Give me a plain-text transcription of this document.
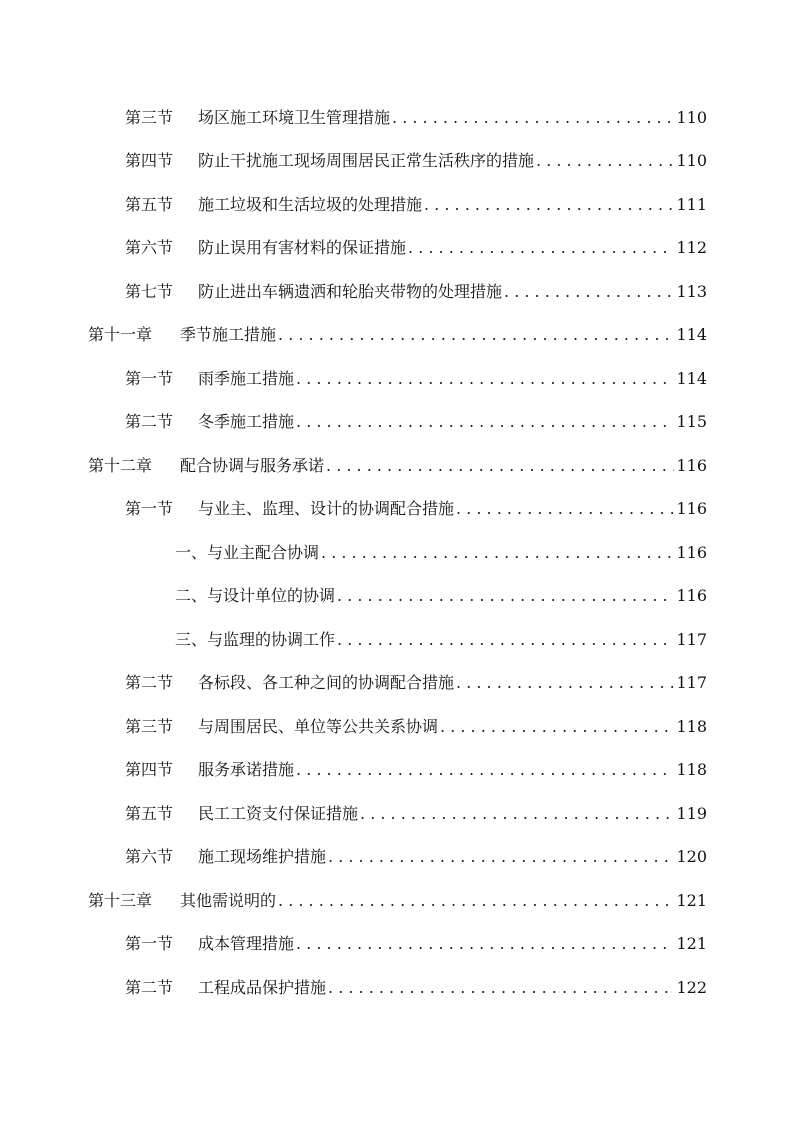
第三节 场区施工环境卫生管理措施 . . .	110
第四节 防止干扰施工现场周围居民正常生活秩序的措施 . . .	110
第五节 施工垃圾和生活垃圾的处理措施 . . .	111
第六节 防止误用有害材料的保证措施 . . .	112
第七节 防止进出车辆遗洒和轮胎夹带物的处理措施 . . .	113
第十一章 季节施工措施 . . .	114
第一节 雨季施工措施 . . .	114
第二节 冬季施工措施 . . .	115
第十二章 配合协调与服务承诺 . . .	116
第一节 与业主、监理、设计的协调配合措施 . . .	116
一、与业主配合协调 . . .	116
二、与设计单位的协调 . . .	116
三、与监理的协调工作 . . .	117
第二节 各标段、各工种之间的协调配合措施 . . .	117
第三节 与周围居民、单位等公共关系协调 . . .	118
第四节 服务承诺措施 . . .	118
第五节 民工工资支付保证措施 . . .	119
第六节 施工现场维护措施 . . .	120
第十三章 其他需说明的 . . .	121
第一节 成本管理措施 . . .	121
第二节 工程成品保护措施 . . .	122
